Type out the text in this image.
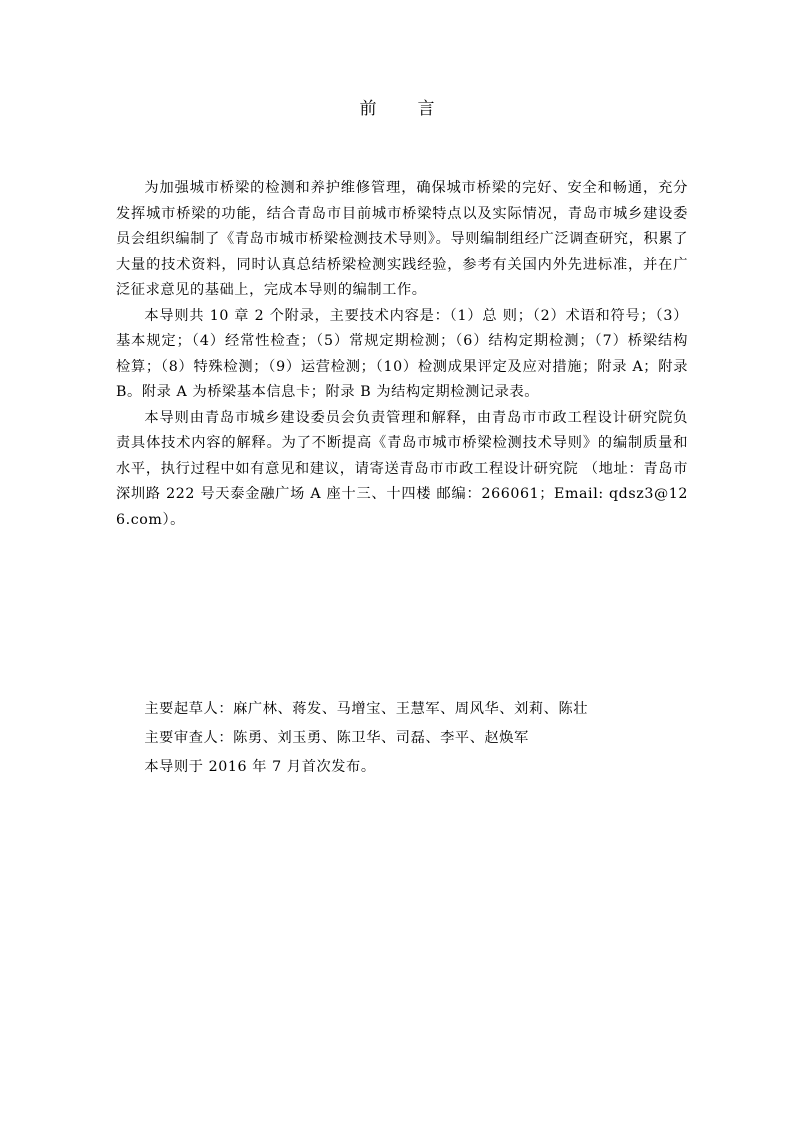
前　言

为加强城市桥梁的检测和养护维修管理，确保城市桥梁的完好、安全和畅通，充分发挥城市桥梁的功能，结合青岛市目前城市桥梁特点以及实际情况，青岛市城乡建设委员会组织编制了《青岛市城市桥梁检测技术导则》。导则编制组经广泛调查研究，积累了大量的技术资料，同时认真总结桥梁检测实践经验，参考有关国内外先进标准，并在广泛征求意见的基础上，完成本导则的编制工作。

本导则共 10 章 2 个附录，主要技术内容是：（1）总 则；（2）术语和符号；（3）基本规定；（4）经常性检查；（5）常规定期检测；（6）结构定期检测；（7）桥梁结构检算；（8）特殊检测；（9）运营检测；（10）检测成果评定及应对措施；附录 A；附录 B。附录 A 为桥梁基本信息卡；附录 B 为结构定期检测记录表。

本导则由青岛市城乡建设委员会负责管理和解释，由青岛市市政工程设计研究院负责具体技术内容的解释。为了不断提高《青岛市城市桥梁检测技术导则》的编制质量和水平，执行过程中如有意见和建议，请寄送青岛市市政工程设计研究院 （地址：青岛市深圳路 222 号天泰金融广场 A 座十三、十四楼 邮编：266061；Email: qdsz3@126.com）。

主要起草人：麻广林、蒋发、马增宝、王慧军、周风华、刘莉、陈壮
主要审查人：陈勇、刘玉勇、陈卫华、司磊、李平、赵焕军
本导则于 2016 年 7 月首次发布。
